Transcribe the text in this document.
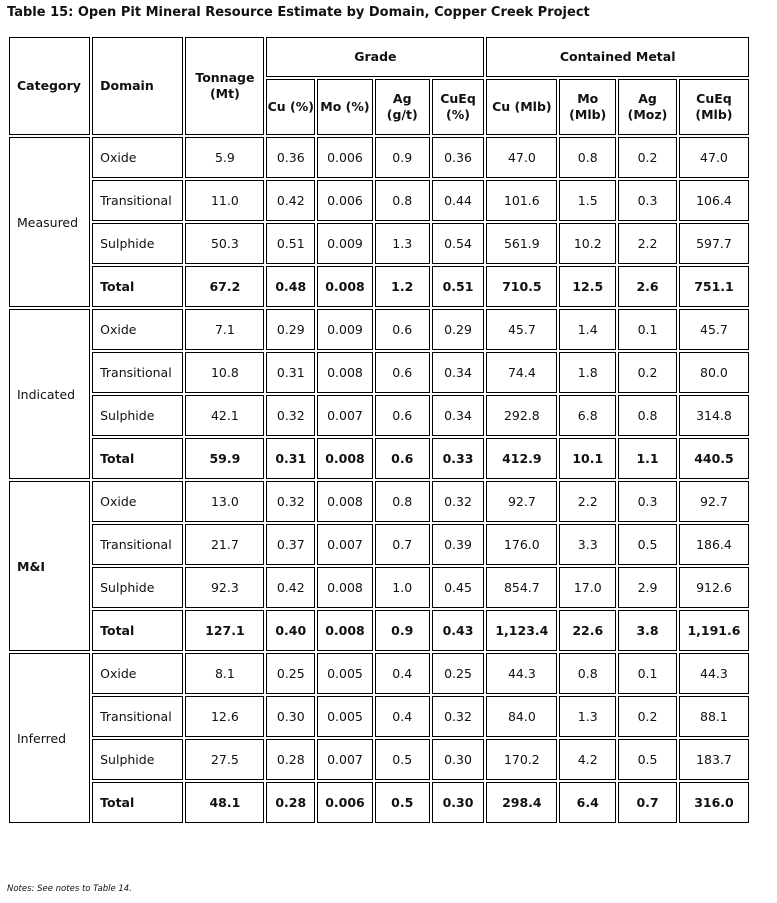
Table 15: Open Pit Mineral Resource Estimate by Domain, Copper Creek Project
Category	Domain	Tonnage (Mt)	Grade				Contained Metal			
			Cu (%)	Mo (%)	Ag (g/t)	CuEq (%)	Cu (Mlb)	Mo (Mlb)	Ag (Moz)	CuEq (Mlb)
Measured	Oxide	5.9	0.36	0.006	0.9	0.36	47.0	0.8	0.2	47.0
	Transitional	11.0	0.42	0.006	0.8	0.44	101.6	1.5	0.3	106.4
	Sulphide	50.3	0.51	0.009	1.3	0.54	561.9	10.2	2.2	597.7
	Total	67.2	0.48	0.008	1.2	0.51	710.5	12.5	2.6	751.1
Indicated	Oxide	7.1	0.29	0.009	0.6	0.29	45.7	1.4	0.1	45.7
	Transitional	10.8	0.31	0.008	0.6	0.34	74.4	1.8	0.2	80.0
	Sulphide	42.1	0.32	0.007	0.6	0.34	292.8	6.8	0.8	314.8
	Total	59.9	0.31	0.008	0.6	0.33	412.9	10.1	1.1	440.5
M&I	Oxide	13.0	0.32	0.008	0.8	0.32	92.7	2.2	0.3	92.7
	Transitional	21.7	0.37	0.007	0.7	0.39	176.0	3.3	0.5	186.4
	Sulphide	92.3	0.42	0.008	1.0	0.45	854.7	17.0	2.9	912.6
	Total	127.1	0.40	0.008	0.9	0.43	1,123.4	22.6	3.8	1,191.6
Inferred	Oxide	8.1	0.25	0.005	0.4	0.25	44.3	0.8	0.1	44.3
	Transitional	12.6	0.30	0.005	0.4	0.32	84.0	1.3	0.2	88.1
	Sulphide	27.5	0.28	0.007	0.5	0.30	170.2	4.2	0.5	183.7
	Total	48.1	0.28	0.006	0.5	0.30	298.4	6.4	0.7	316.0
Notes: See notes to Table 14.
